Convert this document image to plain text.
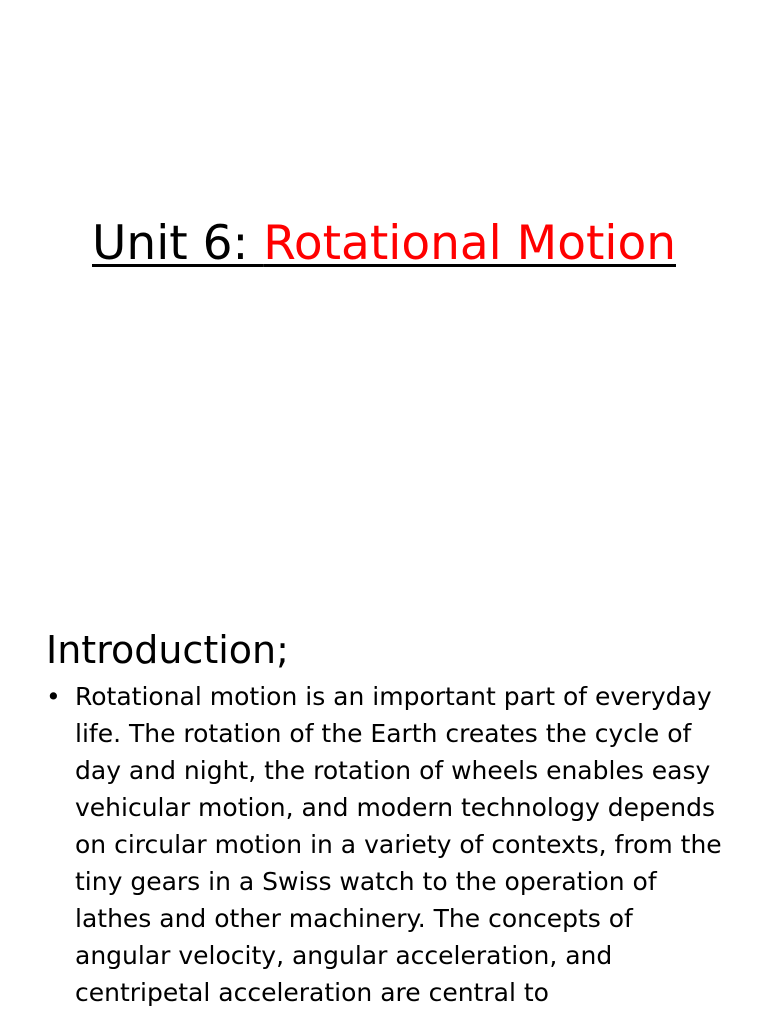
Unit 6: Rotational Motion
Introduction;
• Rotational motion is an important part of everyday
life. The rotation of the Earth creates the cycle of
day and night, the rotation of wheels enables easy
vehicular motion, and modern technology depends
on circular motion in a variety of contexts, from the
tiny gears in a Swiss watch to the operation of
lathes and other machinery. The concepts of
angular velocity, angular acceleration, and
centripetal acceleration are central to
